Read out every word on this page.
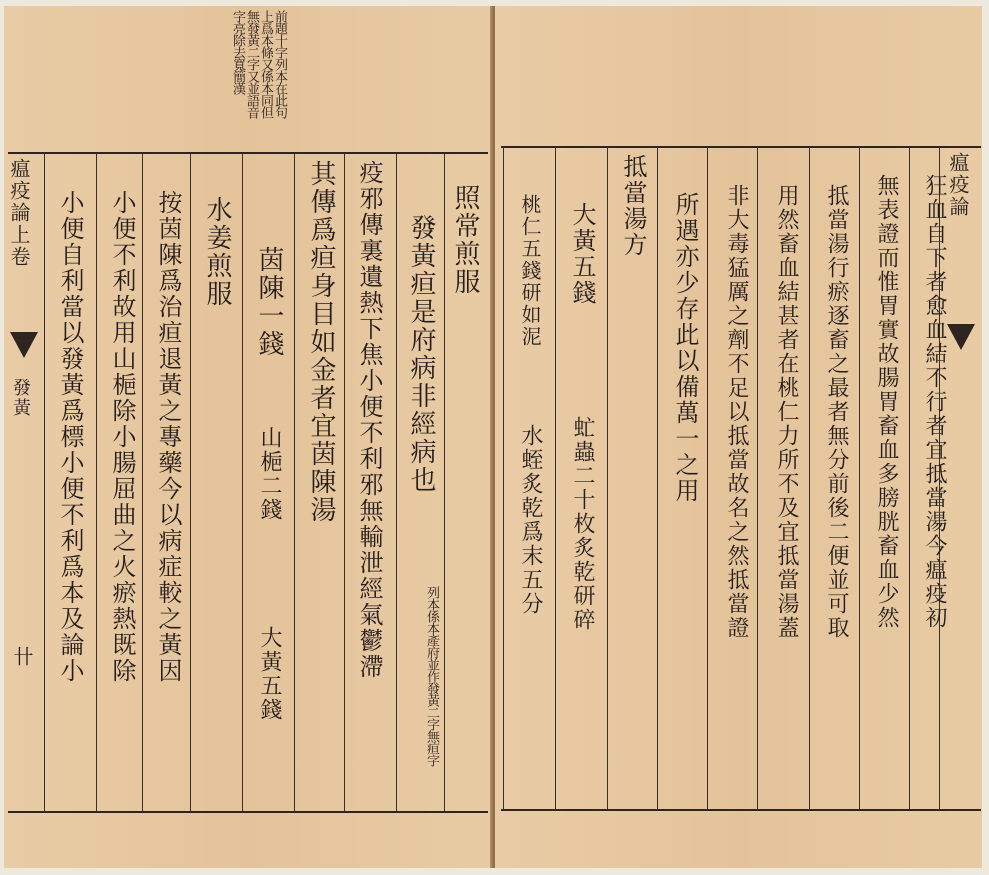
前題十字列本在此句
上爲本條又係本同但
無發黃二字又並語音
字亮除去寬簡漢
瘟疫論上卷
發黃
卄
照常煎服
發黃疸是府病非經病也
列本係本產府並作發黃二字無疸字
疫邪傳裏遺熱下焦小便不利邪無輸泄經氣鬱滯
其傳爲疸身目如金者宜茵陳湯
茵陳一錢
山梔二錢
大黃五錢
水姜煎服
按茵陳爲治疸退黃之專藥今以病症較之黃因
小便不利故用山梔除小腸屈曲之火瘀熱既除
小便自利當以發黃爲標小便不利爲本及論小
瘟疫論
狂血自下者愈血結不行者宜抵當湯今瘟疫初
無表證而惟胃實故腸胃畜血多膀胱畜血少然
抵當湯行瘀逐畜之最者無分前後二便並可取
用然畜血結甚者在桃仁力所不及宜抵當湯蓋
非大毒猛厲之劑不足以抵當故名之然抵當證
所遇亦少存此以備萬一之用
抵當湯方
大黃五錢
虻蟲二十枚炙乾研碎
桃仁五錢研如泥
水蛭炙乾爲末五分
